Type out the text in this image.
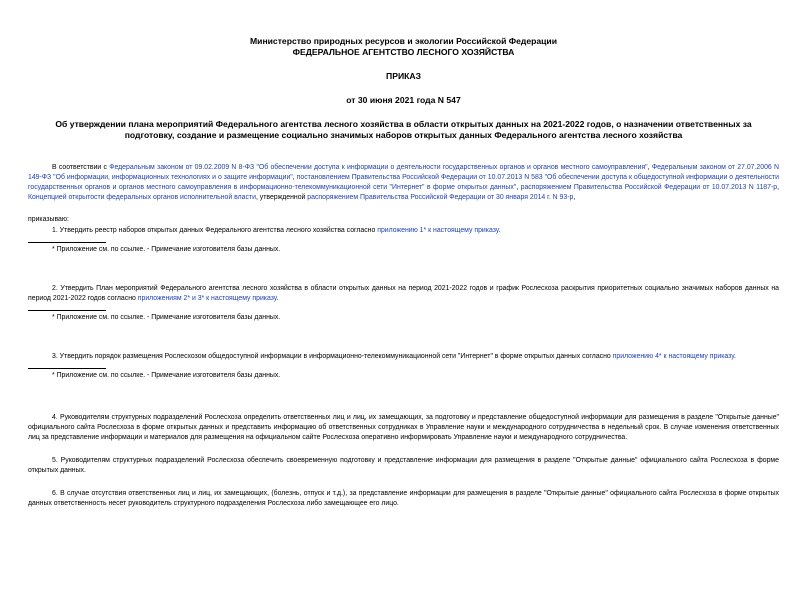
Министерство природных ресурсов и экологии Российской Федерации
ФЕДЕРАЛЬНОЕ АГЕНТСТВО ЛЕСНОГО ХОЗЯЙСТВА
ПРИКАЗ
от 30 июня 2021 года N 547
Об утверждении плана мероприятий Федерального агентства лесного хозяйства в области открытых данных на 2021-2022 годов, о назначении ответственных за подготовку, создание и размещение социально значимых наборов открытых данных Федерального агентства лесного хозяйства

В соответствии с Федеральным законом от 09.02.2009 N 8-ФЗ "Об обеспечении доступа к информации о деятельности государственных органов и органов местного самоуправления", Федеральным законом от 27.07.2006 N 149-ФЗ "Об информации, информационных технологиях и о защите информации", постановлением Правительства Российской Федерации от 10.07.2013 N 583 "Об обеспечении доступа к общедоступной информации о деятельности государственных органов и органов местного самоуправления в информационно-телекоммуникационной сети "Интернет" в форме открытых данных", распоряжением Правительства Российской Федерации от 10.07.2013 N 1187-р, Концепцией открытости федеральных органов исполнительной власти, утвержденной распоряжением Правительства Российской Федерации от 30 января 2014 г. N 93-р,

приказываю:

1. Утвердить реестр наборов открытых данных Федерального агентства лесного хозяйства согласно приложению 1* к настоящему приказу.

* Приложение см. по ссылке. - Примечание изготовителя базы данных.

2. Утвердить План мероприятий Федерального агентства лесного хозяйства в области открытых данных на период 2021-2022 годов и график Рослесхоза раскрытия приоритетных социально значимых наборов данных на период 2021-2022 годов согласно приложениям 2* и 3* к настоящему приказу.

* Приложение см. по ссылке. - Примечание изготовителя базы данных.

3. Утвердить порядок размещения Рослесхозом общедоступной информации в информационно-телекоммуникационной сети "Интернет" в форме открытых данных согласно приложению 4* к настоящему приказу.

* Приложение см. по ссылке. - Примечание изготовителя базы данных.

4. Руководителям структурных подразделений Рослесхоза определить ответственных лиц и лиц, их замещающих, за подготовку и представление общедоступной информации для размещения в разделе "Открытые данные" официального сайта Рослесхоза в форме открытых данных и представить информацию об ответственных сотрудниках в Управление науки и международного сотрудничества в недельный срок. В случае изменения ответственных лиц за представление информации и материалов для размещения на официальном сайте Рослесхоза оперативно информировать Управление науки и международного сотрудничества.

5. Руководителям структурных подразделений Рослесхоза обеспечить своевременную подготовку и представление информации для размещения в разделе "Открытые данные" официального сайта Рослесхоза в форме открытых данных.

6. В случае отсутствия ответственных лиц и лиц, их замещающих, (болезнь, отпуск и т.д.), за представление информации для размещения в разделе "Открытые данные" официального сайта Рослесхоза в форме открытых данных ответственность несет руководитель структурного подразделения Рослесхоза либо замещающее его лицо.
